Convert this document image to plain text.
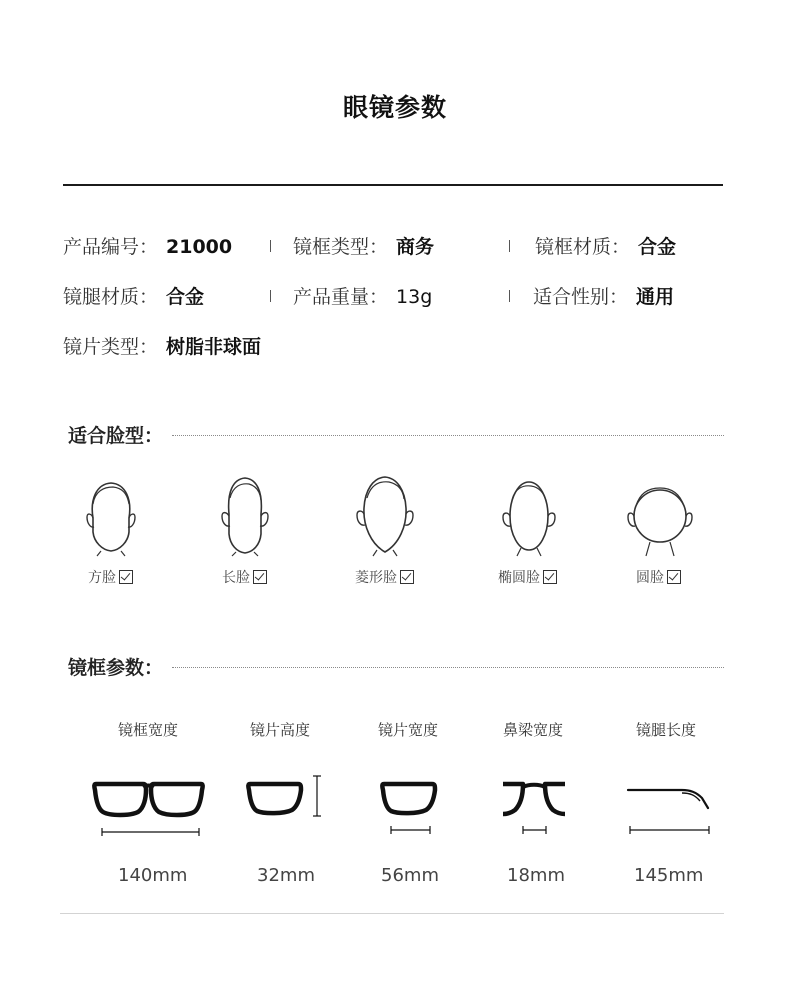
眼镜参数
产品编号： 21000	镜框类型： 商务	镜框材质： 合金
镜腿材质： 合金	产品重量： 13g	适合性别： 通用
镜片类型： 树脂非球面
适合脸型：
方脸	长脸	菱形脸	椭圆脸	圆脸
镜框参数：
镜框宽度	镜片高度	镜片宽度	鼻梁宽度	镜腿长度
140mm	32mm	56mm	18mm	145mm
